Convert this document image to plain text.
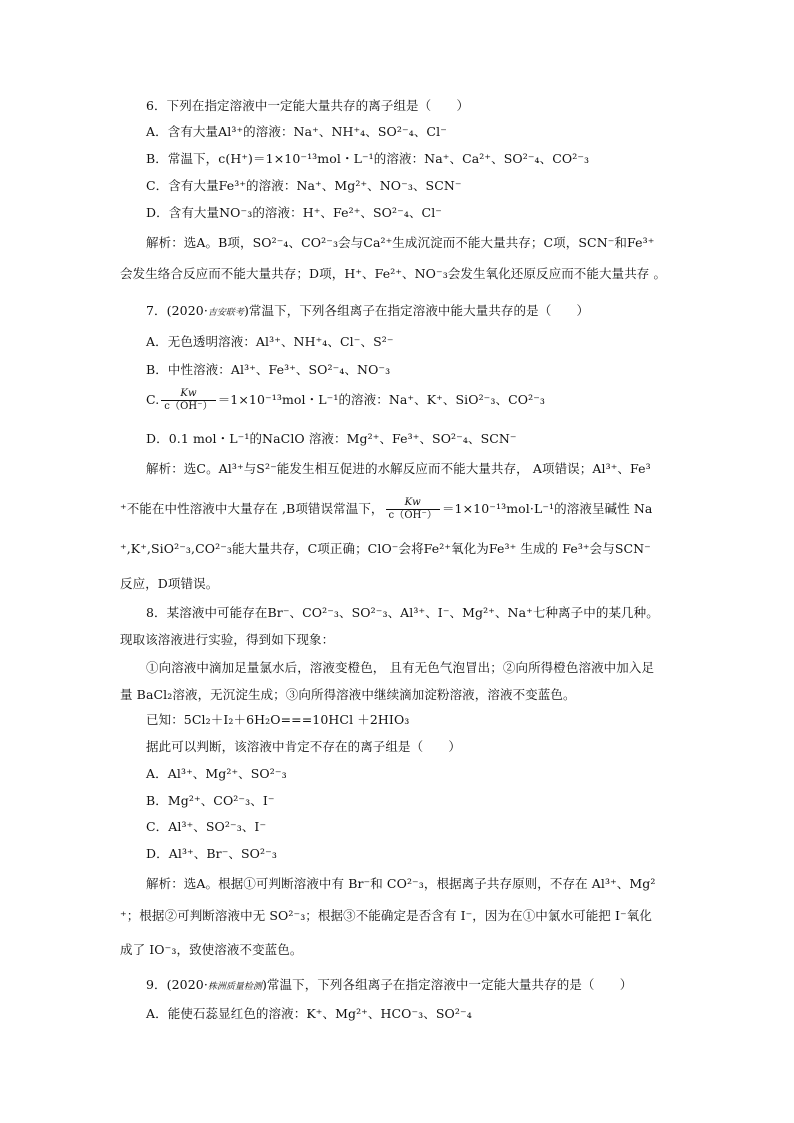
6．下列在指定溶液中一定能大量共存的离子组是（　　）
A．含有大量Al³⁺的溶液：Na⁺、NH⁺₄、SO²⁻₄、Cl⁻
B．常温下，c(H⁺)＝1×10⁻¹³mol・L⁻¹的溶液：Na⁺、Ca²⁺、SO²⁻₄、CO²⁻₃
C．含有大量Fe³⁺的溶液：Na⁺、Mg²⁺、NO⁻₃、SCN⁻
D．含有大量NO⁻₃的溶液：H⁺、Fe²⁺、SO²⁻₄、Cl⁻
解析：选A。B项，SO²⁻₄、CO²⁻₃会与Ca²⁺生成沉淀而不能大量共存；C项，SCN⁻和Fe³⁺
会发生络合反应而不能大量共存；D项，H⁺、Fe²⁺、NO⁻₃会发生氧化还原反应而不能大量共存 。
7．(2020·吉安联考)常温下，下列各组离子在指定溶液中能大量共存的是（　　）
A．无色透明溶液：Al³⁺、NH⁺₄、Cl⁻、S²⁻
B．中性溶液：Al³⁺、Fe³⁺、SO²⁻₄、NO⁻₃
C. $\frac{Kw}{c(OH^-)} =1\times 10^{-13}mol$・L⁻¹的溶液：Na⁺、K⁺、SiO²⁻₃、CO²⁻₃
D．0.1 mol・L⁻¹的NaClO 溶液：Mg²⁺、Fe³⁺、SO²⁻₄、SCN⁻
解析：选C。Al³⁺与S²⁻能发生相互促进的水解反应而不能大量共存， A项错误；Al³⁺、Fe³
⁺不能在中性溶液中大量存在 ,B项错误常温下， $\frac{Kw}{c(OH^-)} =1\times 10^{-13}mol\cdot L^{-1}$的溶液呈碱性 Na
⁺,K⁺,SiO²⁻₃,CO²⁻₃能大量共存，C项正确；ClO⁻会将Fe²⁺氧化为Fe³⁺ 生成的 Fe³⁺会与SCN⁻
反应，D项错误。
8．某溶液中可能存在Br⁻、CO²⁻₃、SO²⁻₃、Al³⁺、I⁻、Mg²⁺、Na⁺七种离子中的某几种。
现取该溶液进行实验，得到如下现象：
①向溶液中滴加足量氯水后，溶液变橙色， 且有无色气泡冒出；②向所得橙色溶液中加入足
量 BaCl₂溶液，无沉淀生成；③向所得溶液中继续滴加淀粉溶液，溶液不变蓝色。
已知：5Cl₂＋I₂＋6H₂O===10HCl ＋2HIO₃
据此可以判断，该溶液中肯定不存在的离子组是（　　）
A．Al³⁺、Mg²⁺、SO²⁻₃
B．Mg²⁺、CO²⁻₃、I⁻
C．Al³⁺、SO²⁻₃、I⁻
D．Al³⁺、Br⁻、SO²⁻₃
解析：选A。根据①可判断溶液中有 Br⁻和 CO²⁻₃，根据离子共存原则，不存在 Al³⁺、Mg²
⁺；根据②可判断溶液中无 SO²⁻₃；根据③不能确定是否含有 I⁻，因为在①中氯水可能把 I⁻氧化
成了 IO⁻₃，致使溶液不变蓝色。
9．(2020·株洲质量检测)常温下，下列各组离子在指定溶液中一定能大量共存的是（　　）
A．能使石蕊显红色的溶液：K⁺、Mg²⁺、HCO⁻₃、SO²⁻₄
